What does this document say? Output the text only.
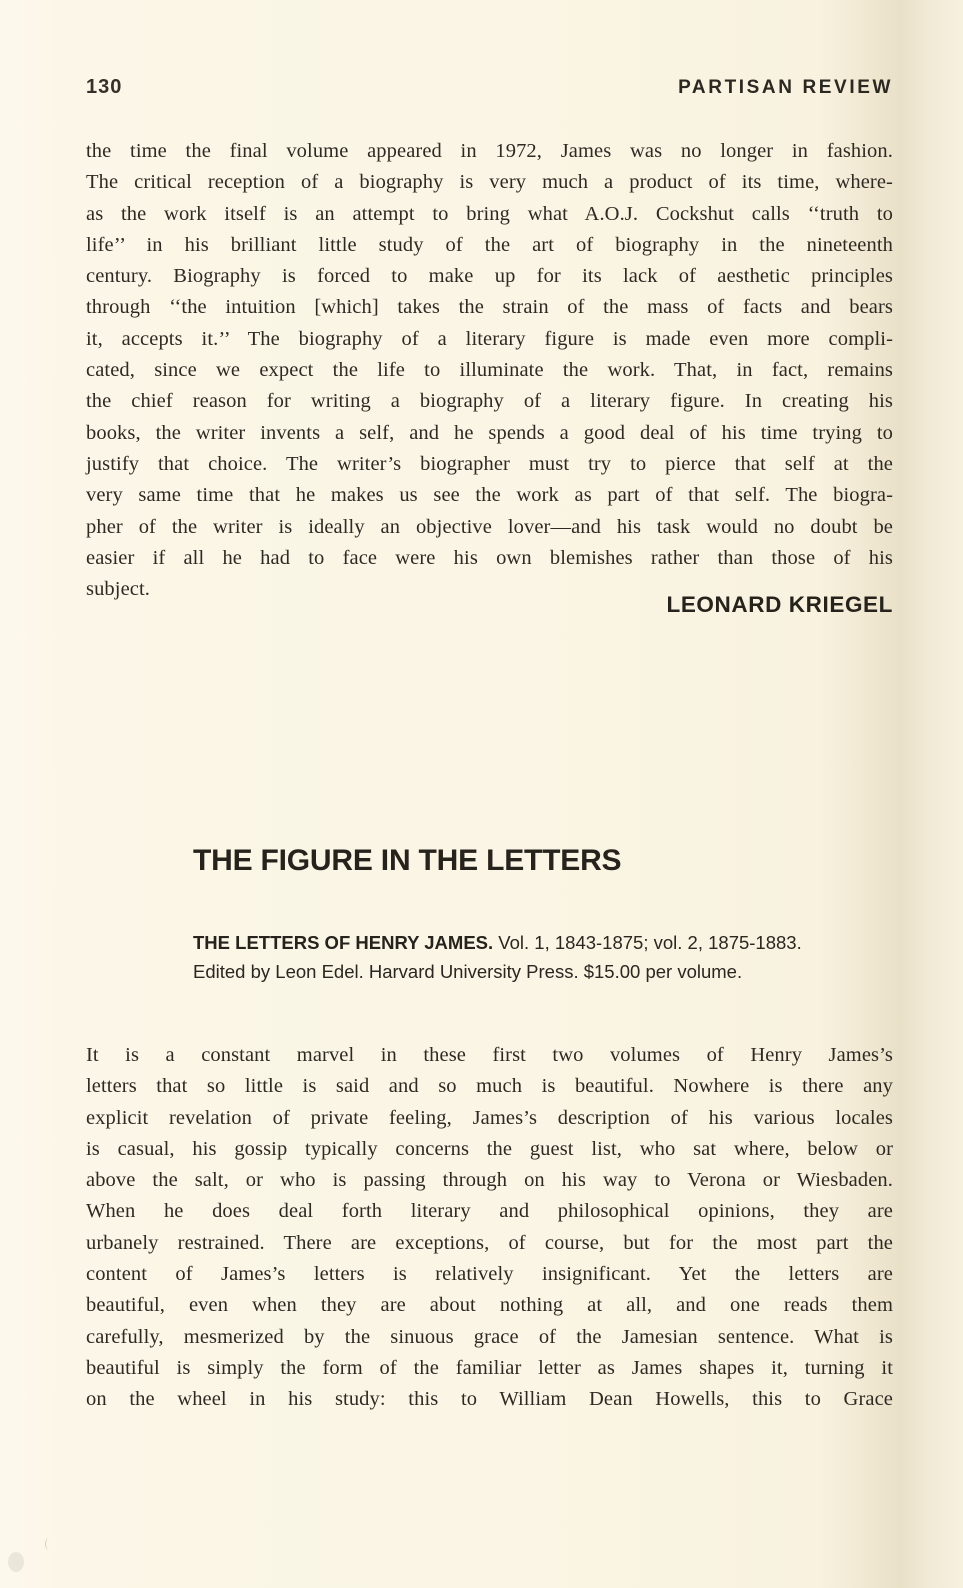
130	PARTISAN REVIEW
the time the final volume appeared in 1972, James was no longer in fashion.
The critical reception of a biography is very much a product of its time, where-
as the work itself is an attempt to bring what A.O.J. Cockshut calls ‘‘truth to
life’’ in his brilliant little study of the art of biography in the nineteenth
century. Biography is forced to make up for its lack of aesthetic principles
through ‘‘the intuition [which] takes the strain of the mass of facts and bears
it, accepts it.’’ The biography of a literary figure is made even more compli-
cated, since we expect the life to illuminate the work. That, in fact, remains
the chief reason for writing a biography of a literary figure. In creating his
books, the writer invents a self, and he spends a good deal of his time trying to
justify that choice. The writer’s biographer must try to pierce that self at the
very same time that he makes us see the work as part of that self. The biogra-
pher of the writer is ideally an objective lover—and his task would no doubt be
easier if all he had to face were his own blemishes rather than those of his
subject.
LEONARD KRIEGEL
THE FIGURE IN THE LETTERS
THE LETTERS OF HENRY JAMES. Vol. 1, 1843-1875; vol. 2, 1875-1883.
Edited by Leon Edel. Harvard University Press. $15.00 per volume.
It is a constant marvel in these first two volumes of Henry James’s
letters that so little is said and so much is beautiful. Nowhere is there any
explicit revelation of private feeling, James’s description of his various locales
is casual, his gossip typically concerns the guest list, who sat where, below or
above the salt, or who is passing through on his way to Verona or Wiesbaden.
When he does deal forth literary and philosophical opinions, they are
urbanely restrained. There are exceptions, of course, but for the most part the
content of James’s letters is relatively insignificant. Yet the letters are
beautiful, even when they are about nothing at all, and one reads them
carefully, mesmerized by the sinuous grace of the Jamesian sentence. What is
beautiful is simply the form of the familiar letter as James shapes it, turning it
on the wheel in his study: this to William Dean Howells, this to Grace
